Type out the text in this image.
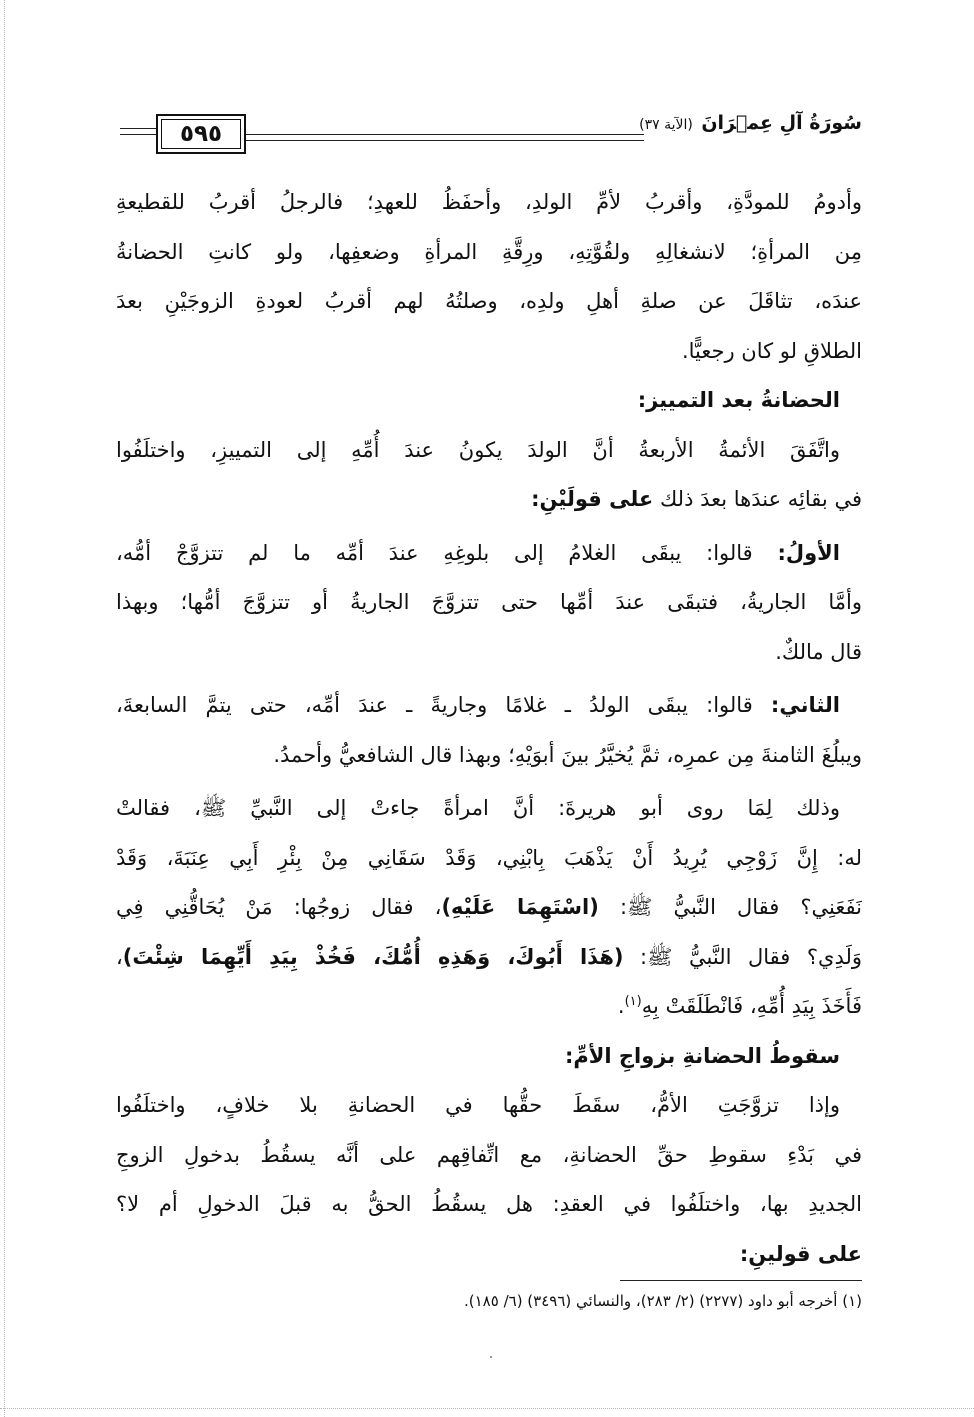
٥٩٥	سُورَةُ آلِ عِمۡرَانَ (الآية ٣٧)
وأدومُ للمودَّةِ، وأقربُ لأمِّ الولدِ، وأحفَظُ للعهدِ؛ فالرجلُ أقربُ للقطيعةِ
مِن المرأةِ؛ لانشغالِهِ ولقُوَّتِهِ، ورِقَّةِ المرأةِ وضعفِها، ولو كانتِ الحضانةُ
عندَه، تثاقَلَ عن صلةِ أهلِ ولدِه، وصلتُهُ لهم أقربُ لعودةِ الزوجَيْنِ بعدَ
الطلاقِ لو كان رجعيًّا.
الحضانةُ بعد التمييز:
واتَّفَقَ الأئمةُ الأربعةُ أنَّ الولدَ يكونُ عندَ أُمِّهِ إلى التمييزِ، واختلَفُوا
في بقائِه عندَها بعدَ ذلك على قولَيْنِ:
الأولُ: قالوا: يبقَى الغلامُ إلى بلوغِهِ عندَ أمِّه ما لم تتزوَّجْ أمُّه،
وأمَّا الجاريةُ، فتبقَى عندَ أمِّها حتى تتزوَّجَ الجاريةُ أو تتزوَّجَ أمُّها؛ وبهذا
قال مالكٌ.
الثاني: قالوا: يبقَى الولدُ ـ غلامًا وجاريةً ـ عندَ أمِّه، حتى يتمَّ السابعةَ،
ويبلُغَ الثامنةَ مِن عمرِه، ثمَّ يُخيَّرُ بينَ أبوَيْهِ؛ وبهذا قال الشافعيُّ وأحمدُ.
وذلك لِمَا روى أبو هريرةَ: أنَّ امرأةً جاءتْ إلى النَّبيِّ ﷺ، فقالتْ
له: إِنَّ زَوْجِي يُرِيدُ أَنْ يَذْهَبَ بِابْنِي، وَقَدْ سَقَانِي مِنْ بِئْرِ أَبِي عِنَبَةَ، وَقَدْ
نَفَعَنِي؟ فقال النَّبيُّ ﷺ: (اسْتَهِمَا عَلَيْهِ)، فقال زوجُها: مَنْ يُحَاقُّنِي فِي
وَلَدِي؟ فقال النَّبيُّ ﷺ: (هَذَا أَبُوكَ، وَهَذِهِ أُمُّكَ، فَخُذْ بِيَدِ أَيِّهِمَا شِئْتَ)،
فَأَخَذَ بِيَدِ أُمِّهِ، فَانْطَلَقَتْ بِهِ$^{(١)}$.
سقوطُ الحضانةِ بزواجِ الأمِّ:
وإذا تزوَّجَتِ الأمُّ، سقَطَ حقُّها في الحضانةِ بلا خلافٍ، واختلَفُوا
في بَدْءِ سقوطِ حقِّ الحضانةِ، مع اتِّفاقِهم على أنَّه يسقُطُ بدخولِ الزوجِ
الجديدِ بها، واختلَفُوا في العقدِ: هل يسقُطُ الحقُّ به قبلَ الدخولِ أم لا؟
على قولينِ:
(١) أخرجه أبو داود (٢٢٧٧) (٢/ ٢٨٣)، والنسائي (٣٤٩٦) (٦/ ١٨٥).
